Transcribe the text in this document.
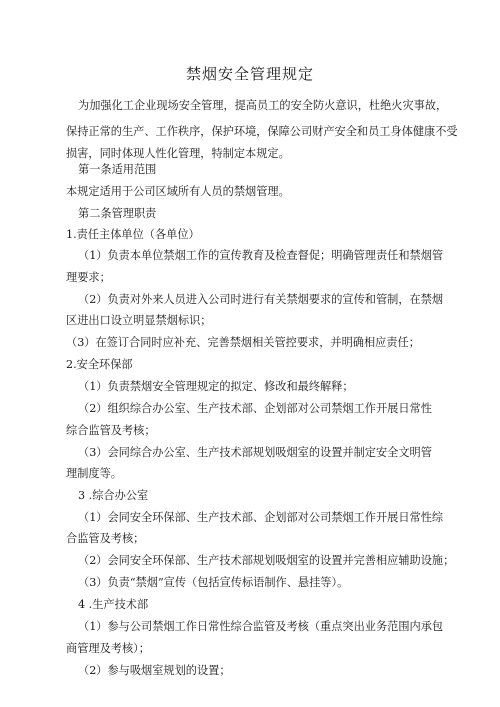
禁烟安全管理规定
为加强化工企业现场安全管理，提高员工的安全防火意识，杜绝火灾事故，
保持正常的生产、工作秩序，保护环境，保障公司财产安全和员工身体健康不受
损害，同时体现人性化管理，特制定本规定。
第一条适用范围
本规定适用于公司区域所有人员的禁烟管理。
第二条管理职责
1.责任主体单位（各单位）
（1）负责本单位禁烟工作的宣传教育及检查督促；明确管理责任和禁烟管
理要求；
（2）负责对外来人员进入公司时进行有关禁烟要求的宣传和管制，在禁烟
区进出口设立明显禁烟标识；
（3）在签订合同时应补充、完善禁烟相关管控要求，并明确相应责任；
2.安全环保部
（1）负责禁烟安全管理规定的拟定、修改和最终解释；
（2）组织综合办公室、生产技术部、企划部对公司禁烟工作开展日常性
综合监管及考核；
（3）会同综合办公室、生产技术部规划吸烟室的设置并制定安全文明管
理制度等。
3 .综合办公室
（1）会同安全环保部、生产技术部、企划部对公司禁烟工作开展日常性综
合监管及考核；
（2）会同安全环保部、生产技术部规划吸烟室的设置并完善相应辅助设施；
（3）负责“禁烟”宣传（包括宣传标语制作、悬挂等）。
4 .生产技术部
（1）参与公司禁烟工作日常性综合监管及考核（重点突出业务范围内承包
商管理及考核）；
（2）参与吸烟室规划的设置；
